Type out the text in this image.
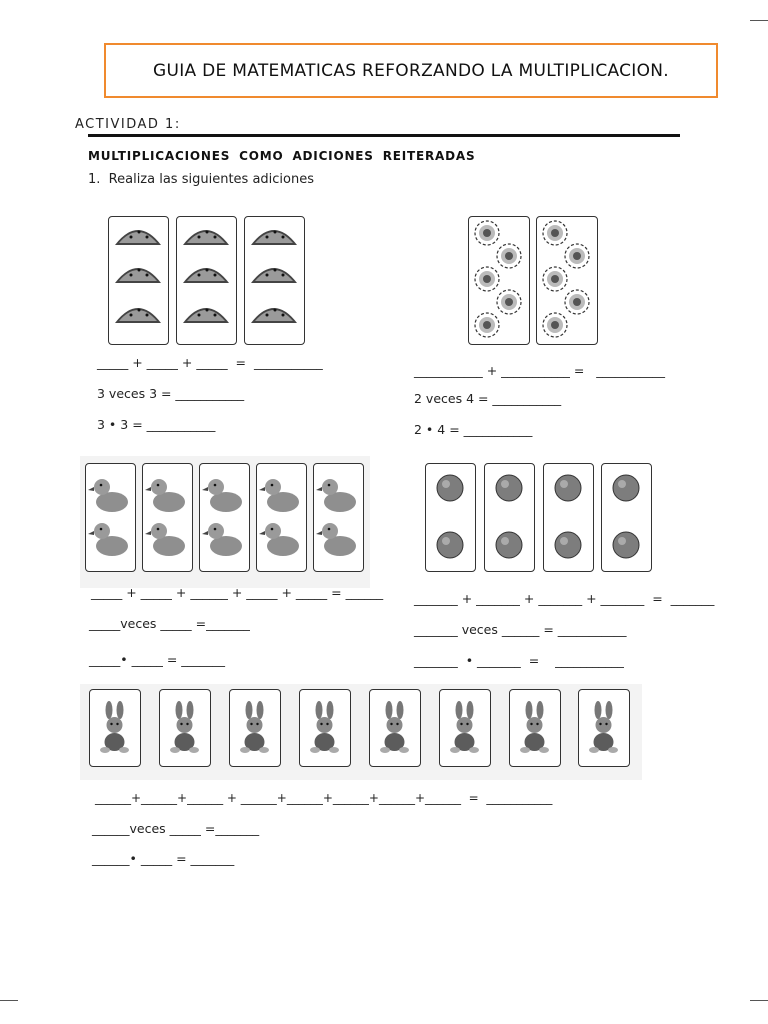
GUIA DE MATEMATICAS REFORZANDO LA MULTIPLICACION.
ACTIVIDAD 1:
MULTIPLICACIONES COMO ADICIONES REITERADAS
1. Realiza las siguientes adiciones
_____ + _____ + _____  =  ___________
3 veces 3 = ___________
3 • 3 = ___________
___________ + ___________ =   ___________
2 veces 4 = ___________
2 • 4 = ___________
_____ + _____ + ______ + _____ + _____ = ______
_____veces _____ =_______
_____• _____ = _______
_______ + _______ + _______ + _______  =  _______
_______ veces ______ = ___________
_______  • _______  =    ___________
______+______+______ + ______+______+______+______+______  =  ___________
______veces _____ =_______
______• _____ = _______
